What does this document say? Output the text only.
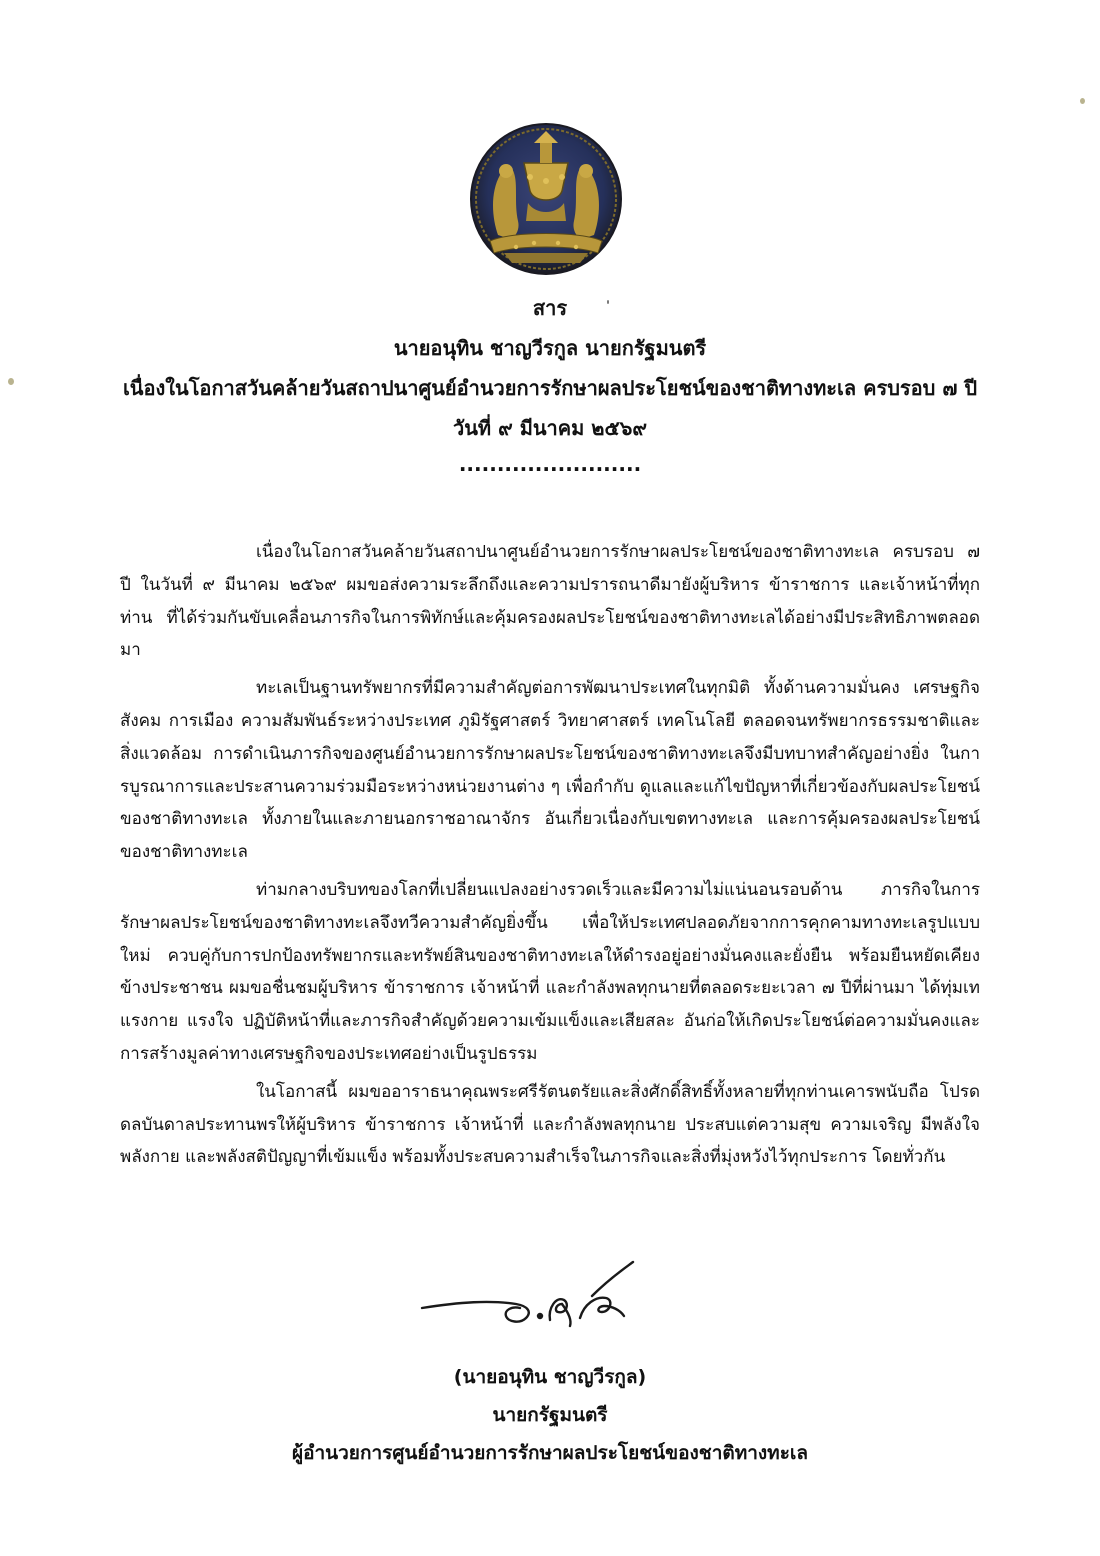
สาร
นายอนุทิน ชาญวีรกูล นายกรัฐมนตรี
เนื่องในโอกาสวันคล้ายวันสถาปนาศูนย์อำนวยการรักษาผลประโยชน์ของชาติทางทะเล ครบรอบ ๗ ปี
วันที่ ๙ มีนาคม ๒๕๖๙
........................

เนื่องในโอกาสวันคล้ายวันสถาปนาศูนย์อำนวยการรักษาผลประโยชน์ของชาติทางทะเล ครบรอบ ๗ ปี ในวันที่ ๙ มีนาคม ๒๕๖๙ ผมขอส่งความระลึกถึงและความปรารถนาดีมายังผู้บริหาร ข้าราชการ และเจ้าหน้าที่ทุกท่าน ที่ได้ร่วมกันขับเคลื่อนภารกิจในการพิทักษ์และคุ้มครองผลประโยชน์ของชาติทางทะเลได้อย่างมีประสิทธิภาพตลอดมา

ทะเลเป็นฐานทรัพยากรที่มีความสำคัญต่อการพัฒนาประเทศในทุกมิติ ทั้งด้านความมั่นคง เศรษฐกิจ สังคม การเมือง ความสัมพันธ์ระหว่างประเทศ ภูมิรัฐศาสตร์ วิทยาศาสตร์ เทคโนโลยี ตลอดจนทรัพยากรธรรมชาติและสิ่งแวดล้อม การดำเนินภารกิจของศูนย์อำนวยการรักษาผลประโยชน์ของชาติทางทะเลจึงมีบทบาทสำคัญอย่างยิ่ง ในการบูรณาการและประสานความร่วมมือระหว่างหน่วยงานต่าง ๆ เพื่อกำกับ ดูแลและแก้ไขปัญหาที่เกี่ยวข้องกับผลประโยชน์ของชาติทางทะเล ทั้งภายในและภายนอกราชอาณาจักร อันเกี่ยวเนื่องกับเขตทางทะเล และการคุ้มครองผลประโยชน์ของชาติทางทะเล

ท่ามกลางบริบทของโลกที่เปลี่ยนแปลงอย่างรวดเร็วและมีความไม่แน่นอนรอบด้าน ภารกิจในการรักษาผลประโยชน์ของชาติทางทะเลจึงทวีความสำคัญยิ่งขึ้น เพื่อให้ประเทศปลอดภัยจากการคุกคามทางทะเลรูปแบบใหม่ ควบคู่กับการปกป้องทรัพยากรและทรัพย์สินของชาติทางทะเลให้ดำรงอยู่อย่างมั่นคงและยั่งยืน พร้อมยืนหยัดเคียงข้างประชาชน ผมขอชื่นชมผู้บริหาร ข้าราชการ เจ้าหน้าที่ และกำลังพลทุกนายที่ตลอดระยะเวลา ๗ ปีที่ผ่านมา ได้ทุ่มเทแรงกาย แรงใจ ปฏิบัติหน้าที่และภารกิจสำคัญด้วยความเข้มแข็งและเสียสละ อันก่อให้เกิดประโยชน์ต่อความมั่นคงและการสร้างมูลค่าทางเศรษฐกิจของประเทศอย่างเป็นรูปธรรม

ในโอกาสนี้ ผมขออาราธนาคุณพระศรีรัตนตรัยและสิ่งศักดิ์สิทธิ์ทั้งหลายที่ทุกท่านเคารพนับถือ โปรดดลบันดาลประทานพรให้ผู้บริหาร ข้าราชการ เจ้าหน้าที่ และกำลังพลทุกนาย ประสบแต่ความสุข ความเจริญ มีพลังใจ พลังกาย และพลังสติปัญญาที่เข้มแข็ง พร้อมทั้งประสบความสำเร็จในภารกิจและสิ่งที่มุ่งหวังไว้ทุกประการ โดยทั่วกัน

(นายอนุทิน ชาญวีรกูล)
นายกรัฐมนตรี
ผู้อำนวยการศูนย์อำนวยการรักษาผลประโยชน์ของชาติทางทะเล
